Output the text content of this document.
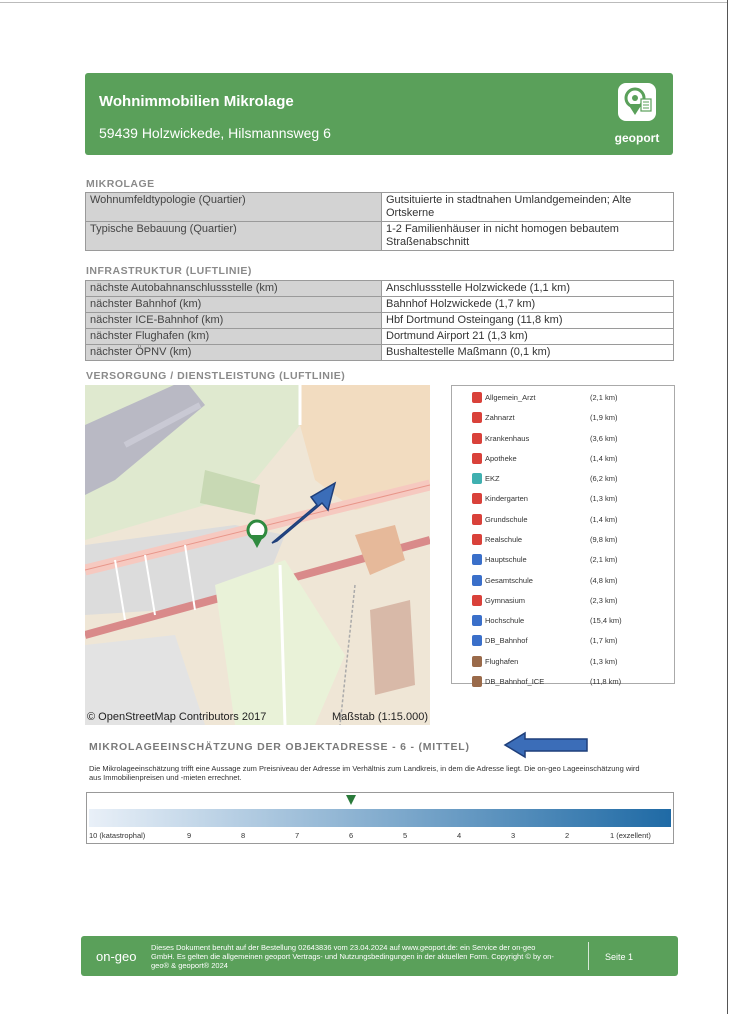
Wohnimmobilien Mikrolage
59439 Holzwickede, Hilsmannsweg 6	geoport
MIKROLAGE
Wohnumfeldtypologie (Quartier)	Gutsituierte in stadtnahen Umlandgemeinden; Alte Ortskerne
Typische Bebauung (Quartier)	1-2 Familienhäuser in nicht homogen bebautem Straßenabschnitt
INFRASTRUKTUR (LUFTLINIE)
nächste Autobahnanschlussstelle (km)	Anschlussstelle Holzwickede (1,1 km)
nächster Bahnhof (km)	Bahnhof Holzwickede (1,7 km)
nächster ICE-Bahnhof (km)	Hbf Dortmund Osteingang (11,8 km)
nächster Flughafen (km)	Dortmund Airport 21 (1,3 km)
nächster ÖPNV (km)	Bushaltestelle Maßmann (0,1 km)
VERSORGUNG / DIENSTLEISTUNG (LUFTLINIE)
© OpenStreetMap Contributors 2017	Maßstab (1:15.000)
Allgemein_Arzt	(2,1 km)
Zahnarzt	(1,9 km)
Krankenhaus	(3,6 km)
Apotheke	(1,4 km)
EKZ	(6,2 km)
Kindergarten	(1,3 km)
Grundschule	(1,4 km)
Realschule	(9,8 km)
Hauptschule	(2,1 km)
Gesamtschule	(4,8 km)
Gymnasium	(2,3 km)
Hochschule	(15,4 km)
DB_Bahnhof	(1,7 km)
Flughafen	(1,3 km)
DB_Bahnhof_ICE	(11,8 km)
MIKROLAGEEINSCHÄTZUNG DER OBJEKTADRESSE - 6 - (MITTEL)
Die Mikrolageeinschätzung trifft eine Aussage zum Preisniveau der Adresse im Verhältnis zum Landkreis, in dem die Adresse liegt. Die on-geo Lageeinschätzung wird aus Immobilienpreisen und -mieten errechnet.
10 (katastrophal)	9	8	7	6	5	4	3	2	1 (exzellent)
on-geo
Dieses Dokument beruht auf der Bestellung 02643836 vom 23.04.2024 auf www.geoport.de: ein Service der on-geo GmbH. Es gelten die allgemeinen geoport Vertrags- und Nutzungsbedingungen in der aktuellen Form. Copyright © by on-geo® & geoport® 2024
Seite 1
